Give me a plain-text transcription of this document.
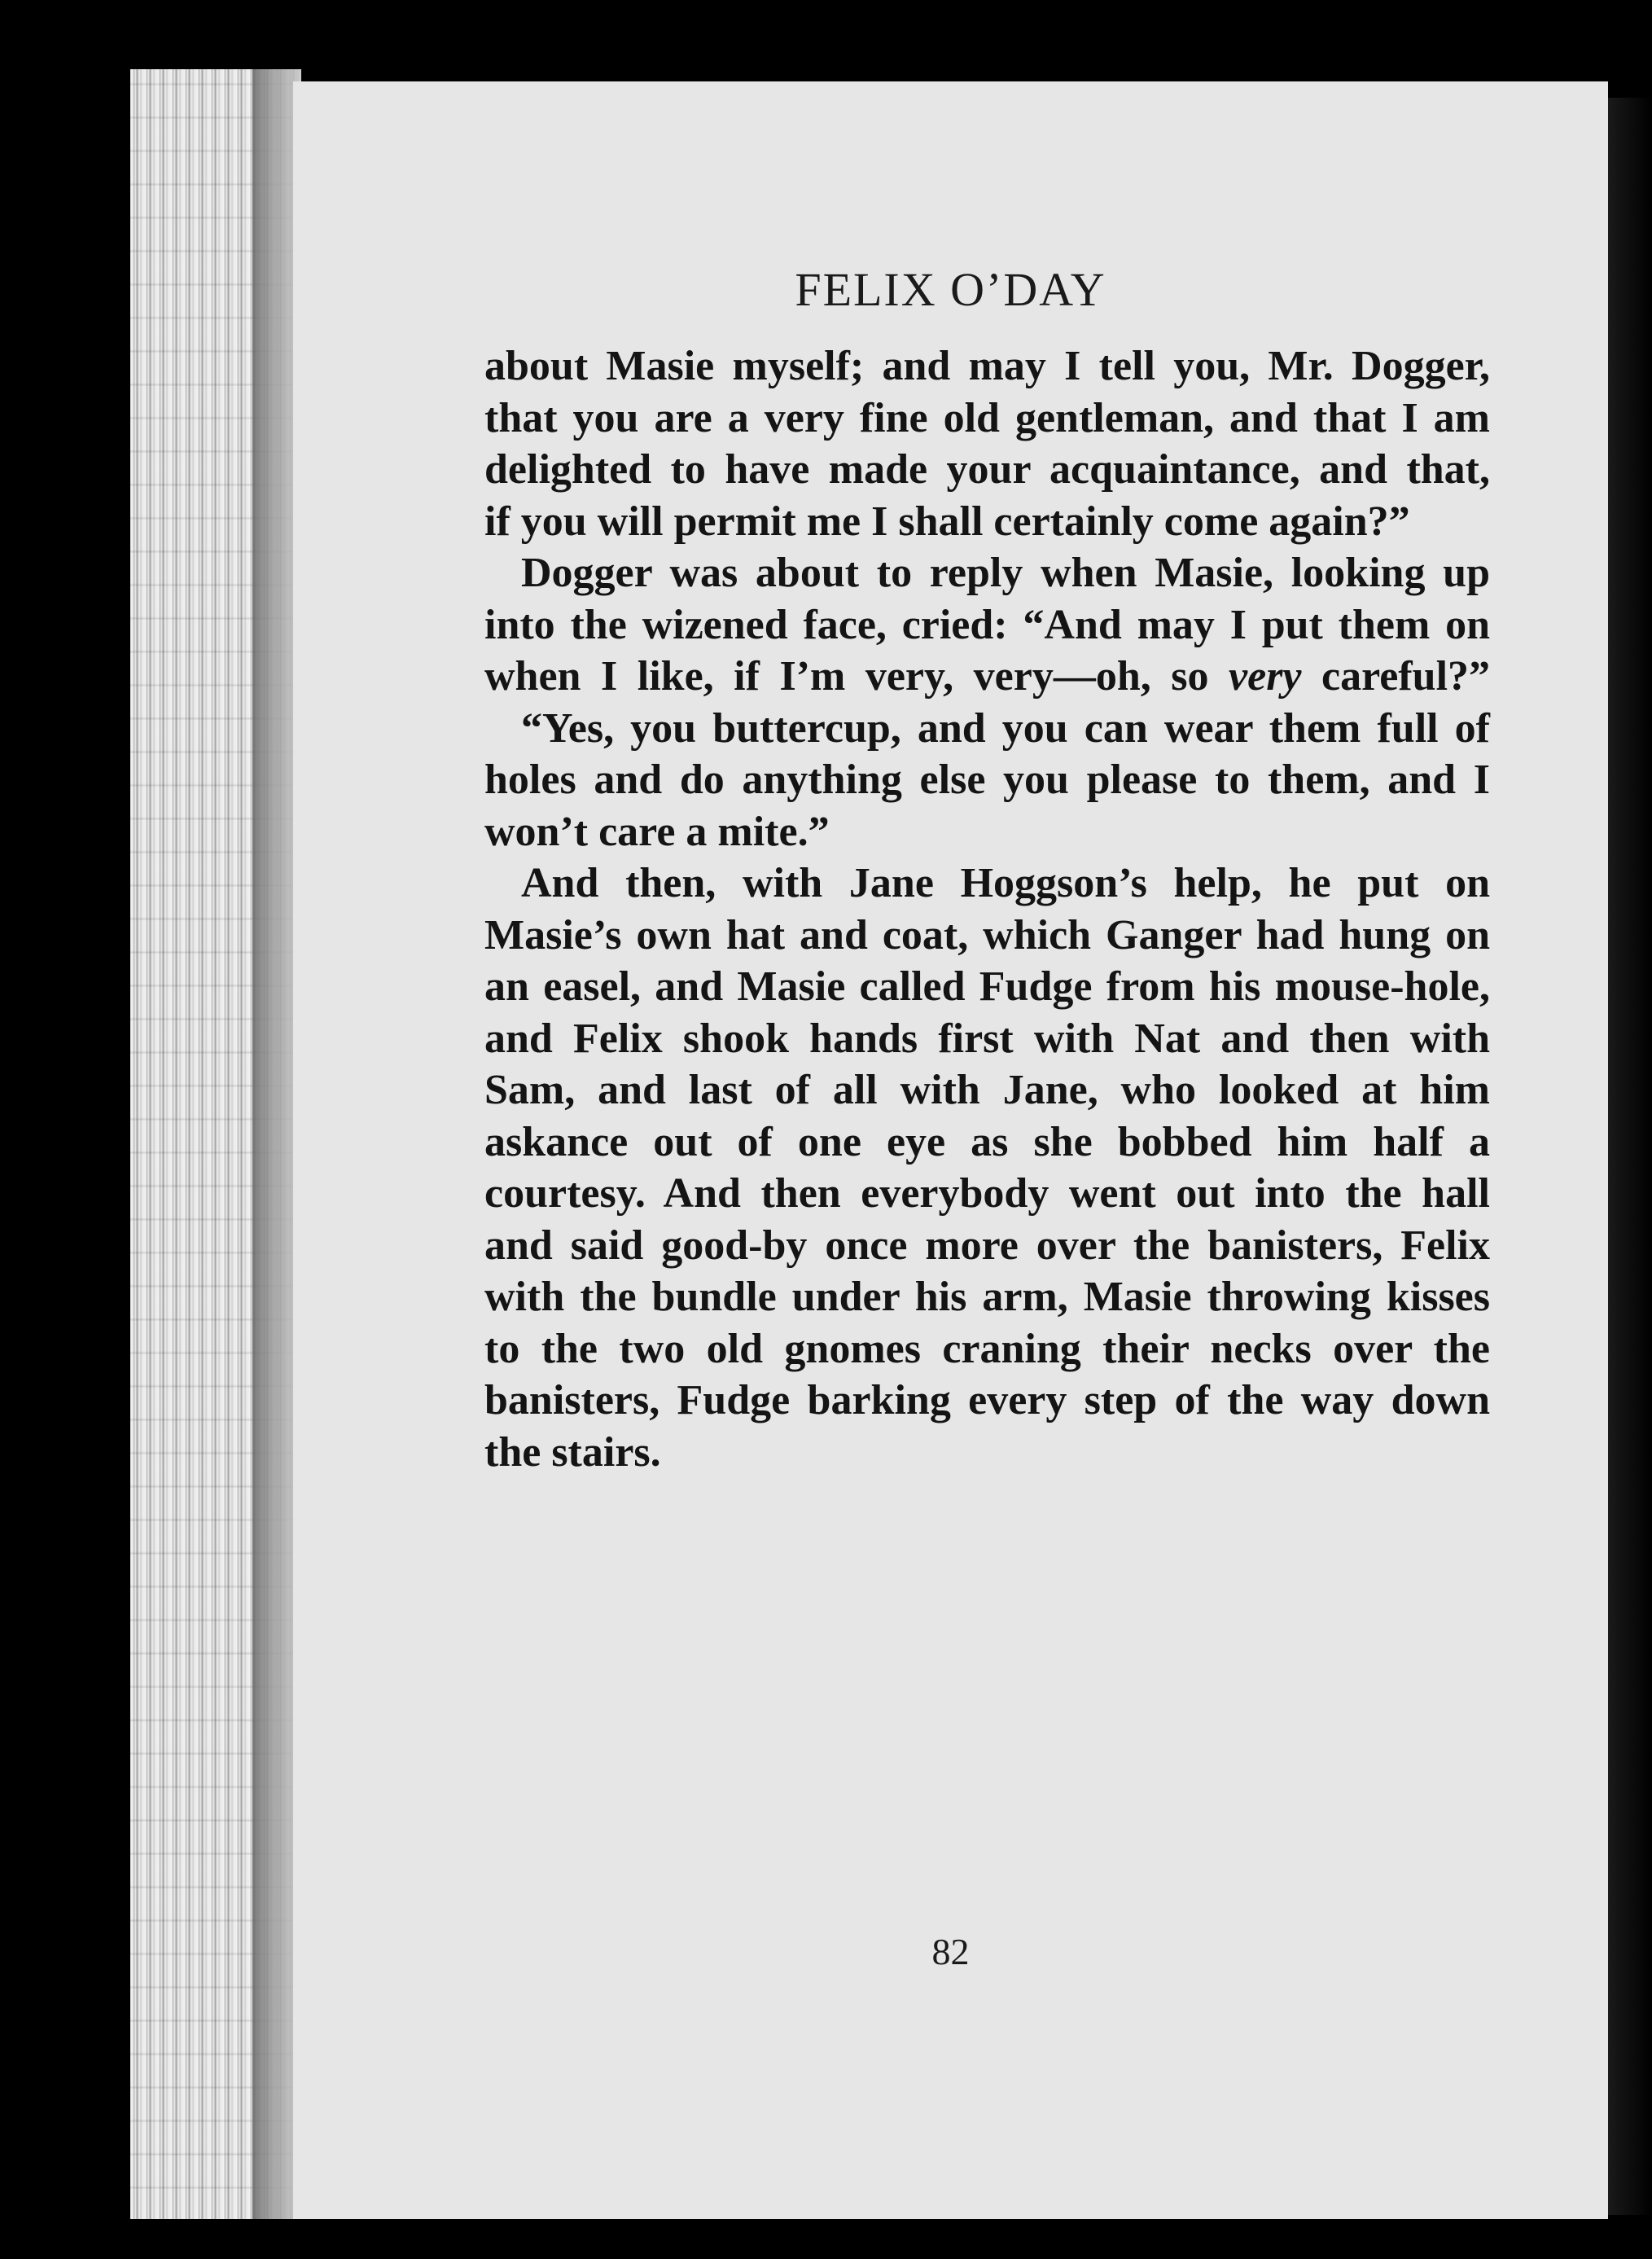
FELIX O’DAY
about Masie myself; and may I tell you, Mr. Dogger,
that you are a very fine old gentleman, and that I am
delighted to have made your acquaintance, and that,
if you will permit me I shall certainly come again?”
Dogger was about to reply when Masie, looking up
into the wizened face, cried: “And may I put them on
when I like, if I’m very, very—oh, so very careful?”
“Yes, you buttercup, and you can wear them full of
holes and do anything else you please to them, and I
won’t care a mite.”
And then, with Jane Hoggson’s help, he put on
Masie’s own hat and coat, which Ganger had hung on
an easel, and Masie called Fudge from his mouse-hole,
and Felix shook hands first with Nat and then with
Sam, and last of all with Jane, who looked at him
askance out of one eye as she bobbed him half a
courtesy. And then everybody went out into the hall
and said good-by once more over the banisters, Felix
with the bundle under his arm, Masie throwing kisses
to the two old gnomes craning their necks over the
banisters, Fudge barking every step of the way down
the stairs.
82
